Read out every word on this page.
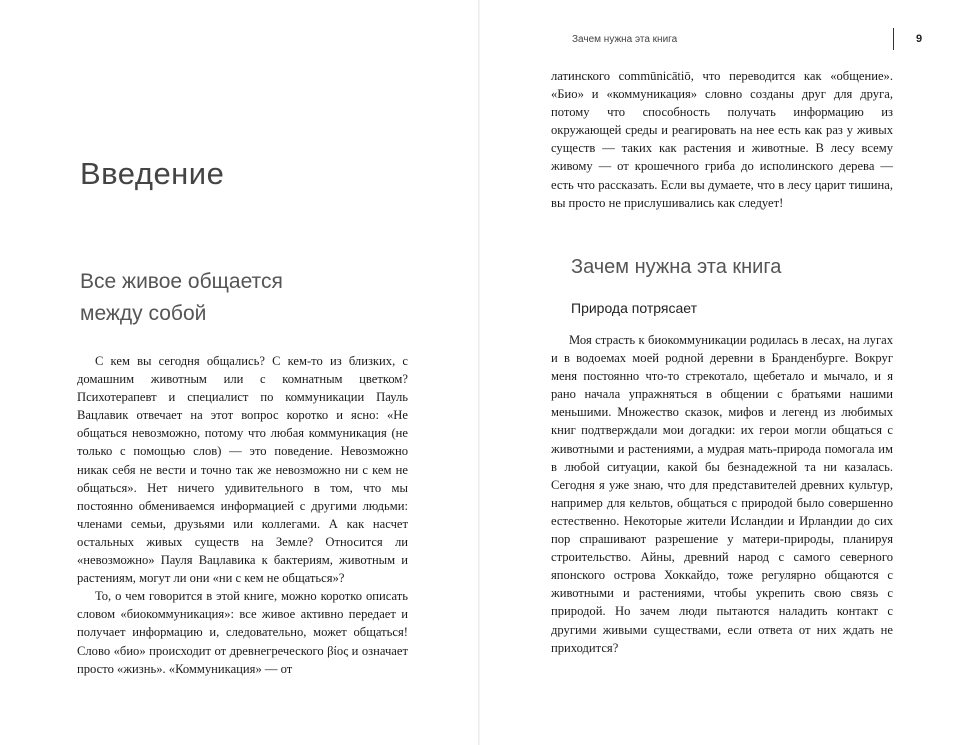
Введение
Все живое общается
между собой

С кем вы сегодня общались? С кем-то из близких, с домашним животным или с комнатным цветком? Психотерапевт и специалист по коммуникации Пауль Вацлавик отвечает на этот вопрос коротко и ясно: «Не общаться невозможно, потому что любая коммуникация (не только с помощью слов) — это поведение. Невозможно никак себя не вести и точно так же невозможно ни с кем не общаться». Нет ничего удивительного в том, что мы постоянно обмениваемся информацией с другими людьми: членами семьи, друзьями или коллегами. А как насчет остальных живых существ на Земле? Относится ли «невозможно» Пауля Вацлавика к бактериям, животным и растениям, могут ли они «ни с кем не общаться»?

То, о чем говорится в этой книге, можно коротко описать словом «биокоммуникация»: все живое активно передает и получает информацию и, следовательно, может общаться! Слово «био» происходит от древнегреческого βίος и означает просто «жизнь». «Коммуникация» — от

Зачем нужна эта книга	9

латинского commūnicātiō, что переводится как «общение». «Био» и «коммуникация» словно созданы друг для друга, потому что способность получать информацию из окружающей среды и реагировать на нее есть как раз у живых существ — таких как растения и животные. В лесу всему живому — от крошечного гриба до исполинского дерева — есть что рассказать. Если вы думаете, что в лесу царит тишина, вы просто не прислушивались как следует!

Зачем нужна эта книга
Природа потрясает

Моя страсть к биокоммуникации родилась в лесах, на лугах и в водоемах моей родной деревни в Бранденбурге. Вокруг меня постоянно что-то стрекотало, щебетало и мычало, и я рано начала упражняться в общении с братьями нашими меньшими. Множество сказок, мифов и легенд из любимых книг подтверждали мои догадки: их герои могли общаться с животными и растениями, а мудрая мать-природа помогала им в любой ситуации, какой бы безнадежной та ни казалась. Сегодня я уже знаю, что для представителей древних культур, например для кельтов, общаться с природой было совершенно естественно. Некоторые жители Исландии и Ирландии до сих пор спрашивают разрешение у матери-природы, планируя строительство. Айны, древний народ с самого северного японского острова Хоккайдо, тоже регулярно общаются с животными и растениями, чтобы укрепить свою связь с природой. Но зачем люди пытаются наладить контакт с другими живыми существами, если ответа от них ждать не приходится?
